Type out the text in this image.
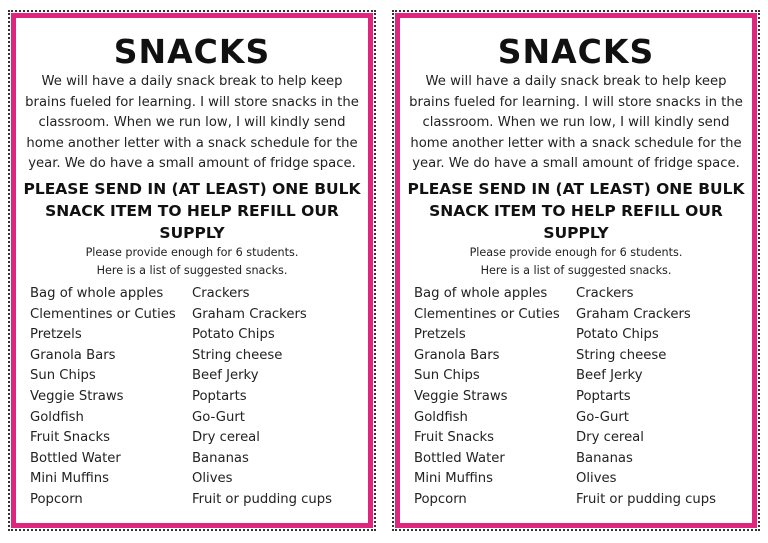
SNACKS
We will have a daily snack break to help keep brains fueled for learning. I will store snacks in the classroom. When we run low, I will kindly send home another letter with a snack schedule for the year. We do have a small amount of fridge space.
PLEASE SEND IN (AT LEAST) ONE BULK
SNACK ITEM TO HELP REFILL OUR SUPPLY
Please provide enough for 6 students.
Here is a list of suggested snacks.
Bag of whole apples
Clementines or Cuties
Pretzels
Granola Bars
Sun Chips
Veggie Straws
Goldfish
Fruit Snacks
Bottled Water
Mini Muffins
Popcorn
Crackers
Graham Crackers
Potato Chips
String cheese
Beef Jerky
Poptarts
Go-Gurt
Dry cereal
Bananas
Olives
Fruit or pudding cups
SNACKS
We will have a daily snack break to help keep brains fueled for learning. I will store snacks in the classroom. When we run low, I will kindly send home another letter with a snack schedule for the year. We do have a small amount of fridge space.
PLEASE SEND IN (AT LEAST) ONE BULK
SNACK ITEM TO HELP REFILL OUR SUPPLY
Please provide enough for 6 students.
Here is a list of suggested snacks.
Bag of whole apples
Clementines or Cuties
Pretzels
Granola Bars
Sun Chips
Veggie Straws
Goldfish
Fruit Snacks
Bottled Water
Mini Muffins
Popcorn
Crackers
Graham Crackers
Potato Chips
String cheese
Beef Jerky
Poptarts
Go-Gurt
Dry cereal
Bananas
Olives
Fruit or pudding cups
